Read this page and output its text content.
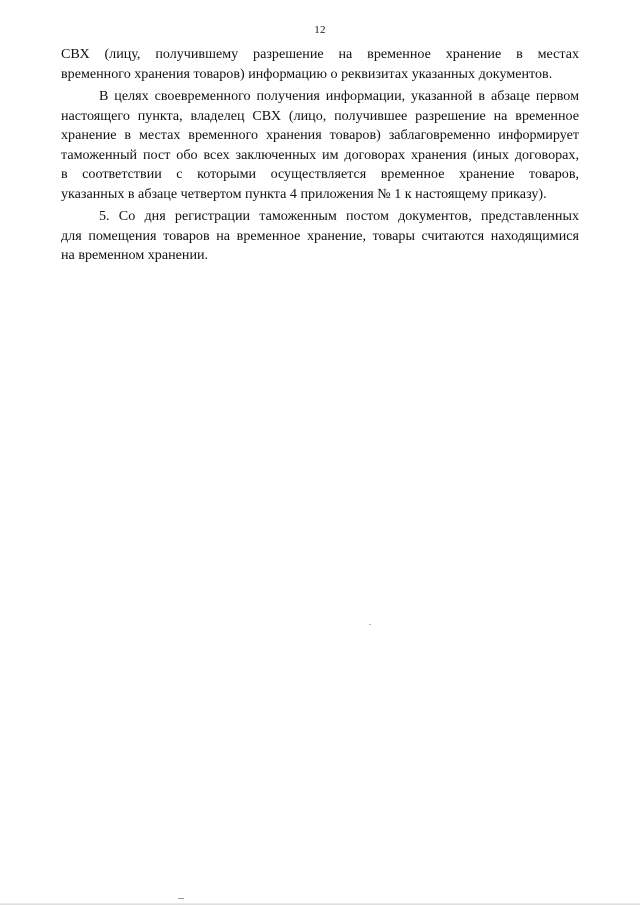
12

СВХ (лицу, получившему разрешение на временное хранение в местах
временного хранения товаров) информацию о реквизитах указанных документов.

В целях своевременного получения информации, указанной в абзаце первом
настоящего пункта, владелец СВХ (лицо, получившее разрешение на временное
хранение в местах временного хранения товаров) заблаговременно информирует
таможенный пост обо всех заключенных им договорах хранения (иных договорах,
в соответствии с которыми осуществляется временное хранение товаров,
указанных в абзаце четвертом пункта 4 приложения № 1 к настоящему приказу).

5. Со дня регистрации таможенным постом документов, представленных
для помещения товаров на временное хранение, товары считаются находящимися
на временном хранении.
